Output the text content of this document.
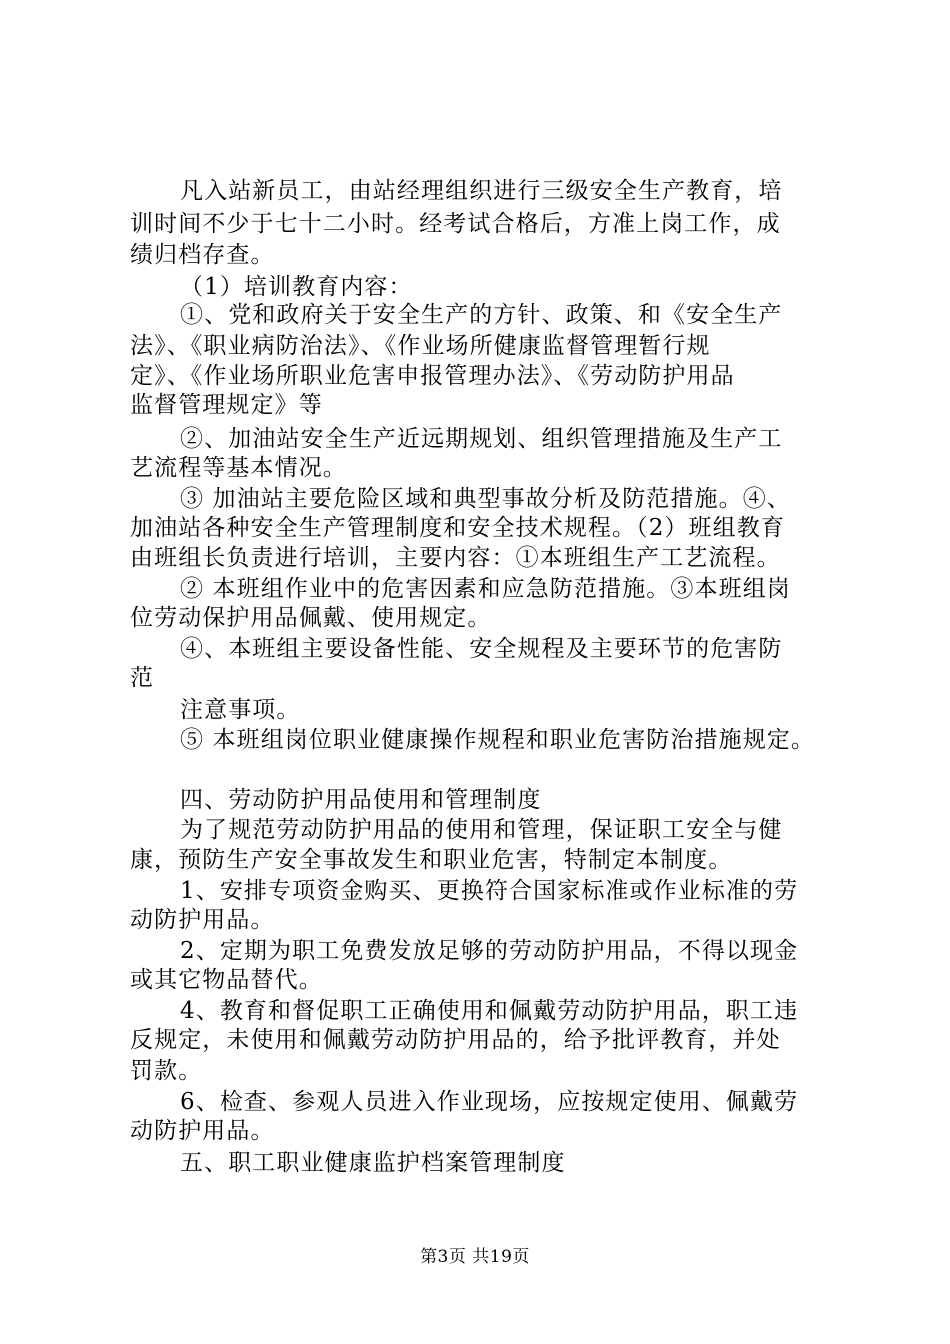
凡入站新员工，由站经理组织进行三级安全生产教育，培
训时间不少于七十二小时。经考试合格后，方准上岗工作，成
绩归档存查。
（1）培训教育内容：
①、党和政府关于安全生产的方针、政策、和《安全生产
法》、《职业病防治法》、《作业场所健康监督管理暂行规
定》、《作业场所职业危害申报管理办法》、《劳动防护用品
监督管理规定》等
②、加油站安全生产近远期规划、组织管理措施及生产工
艺流程等基本情况。
③ 加油站主要危险区域和典型事故分析及防范措施。④、
加油站各种安全生产管理制度和安全技术规程。（2）班组教育
由班组长负责进行培训，主要内容：①本班组生产工艺流程。
② 本班组作业中的危害因素和应急防范措施。③本班组岗
位劳动保护用品佩戴、使用规定。
④、本班组主要设备性能、安全规程及主要环节的危害防
范
注意事项。
⑤ 本班组岗位职业健康操作规程和职业危害防治措施规定。
四、劳动防护用品使用和管理制度
为了规范劳动防护用品的使用和管理，保证职工安全与健
康，预防生产安全事故发生和职业危害，特制定本制度。
1、安排专项资金购买、更换符合国家标准或作业标准的劳
动防护用品。
2、定期为职工免费发放足够的劳动防护用品，不得以现金
或其它物品替代。
4、教育和督促职工正确使用和佩戴劳动防护用品，职工违
反规定，未使用和佩戴劳动防护用品的，给予批评教育，并处
罚款。
6、检查、参观人员进入作业现场，应按规定使用、佩戴劳
动防护用品。
五、职工职业健康监护档案管理制度
第3页 共19页
